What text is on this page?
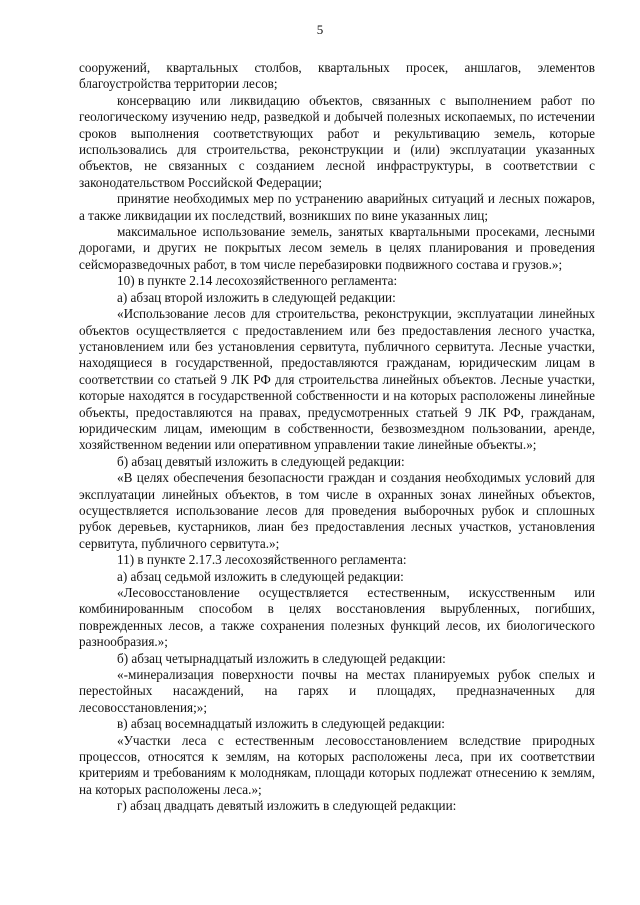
5

сооружений, квартальных столбов, квартальных просек, аншлагов, элементов благоустройства территории лесов;

консервацию или ликвидацию объектов, связанных с выполнением работ по геологическому изучению недр, разведкой и добычей полезных ископаемых, по истечении сроков выполнения соответствующих работ и рекультивацию земель, которые использовались для строительства, реконструкции и (или) эксплуатации указанных объектов, не связанных с созданием лесной инфраструктуры, в соответствии с законодательством Российской Федерации;

принятие необходимых мер по устранению аварийных ситуаций и лесных пожаров, а также ликвидации их последствий, возникших по вине указанных лиц;

максимальное использование земель, занятых квартальными просеками, лесными дорогами, и других не покрытых лесом земель в целях планирования и проведения сейсморазведочных работ, в том числе перебазировки подвижного состава и грузов.»;

10) в пункте 2.14 лесохозяйственного регламента:

а) абзац второй изложить в следующей редакции:

«Использование лесов для строительства, реконструкции, эксплуатации линейных объектов осуществляется с предоставлением или без предоставления лесного участка, установлением или без установления сервитута, публичного сервитута. Лесные участки, находящиеся в государственной, предоставляются гражданам, юридическим лицам в соответствии со статьей 9 ЛК РФ для строительства линейных объектов. Лесные участки, которые находятся в государственной собственности и на которых расположены линейные объекты, предоставляются на правах, предусмотренных статьей 9 ЛК РФ, гражданам, юридическим лицам, имеющим в собственности, безвозмездном пользовании, аренде, хозяйственном ведении или оперативном управлении такие линейные объекты.»;

б) абзац девятый изложить в следующей редакции:

«В целях обеспечения безопасности граждан и создания необходимых условий для эксплуатации линейных объектов, в том числе в охранных зонах линейных объектов, осуществляется использование лесов для проведения выборочных рубок и сплошных рубок деревьев, кустарников, лиан без предоставления лесных участков, установления сервитута, публичного сервитута.»;

11) в пункте 2.17.3 лесохозяйственного регламента:

а) абзац седьмой изложить в следующей редакции:

«Лесовосстановление осуществляется естественным, искусственным или комбинированным способом в целях восстановления вырубленных, погибших, поврежденных лесов, а также сохранения полезных функций лесов, их биологического разнообразия.»;

б) абзац четырнадцатый изложить в следующей редакции:

«-минерализация поверхности почвы на местах планируемых рубок спелых и перестойных насаждений, на гарях и площадях, предназначенных для лесовосстановления;»;

в) абзац восемнадцатый изложить в следующей редакции:

«Участки леса с естественным лесовосстановлением вследствие природных процессов, относятся к землям, на которых расположены леса, при их соответствии критериям и требованиям к молоднякам, площади которых подлежат отнесению к землям, на которых расположены леса.»;

г) абзац двадцать девятый изложить в следующей редакции:
